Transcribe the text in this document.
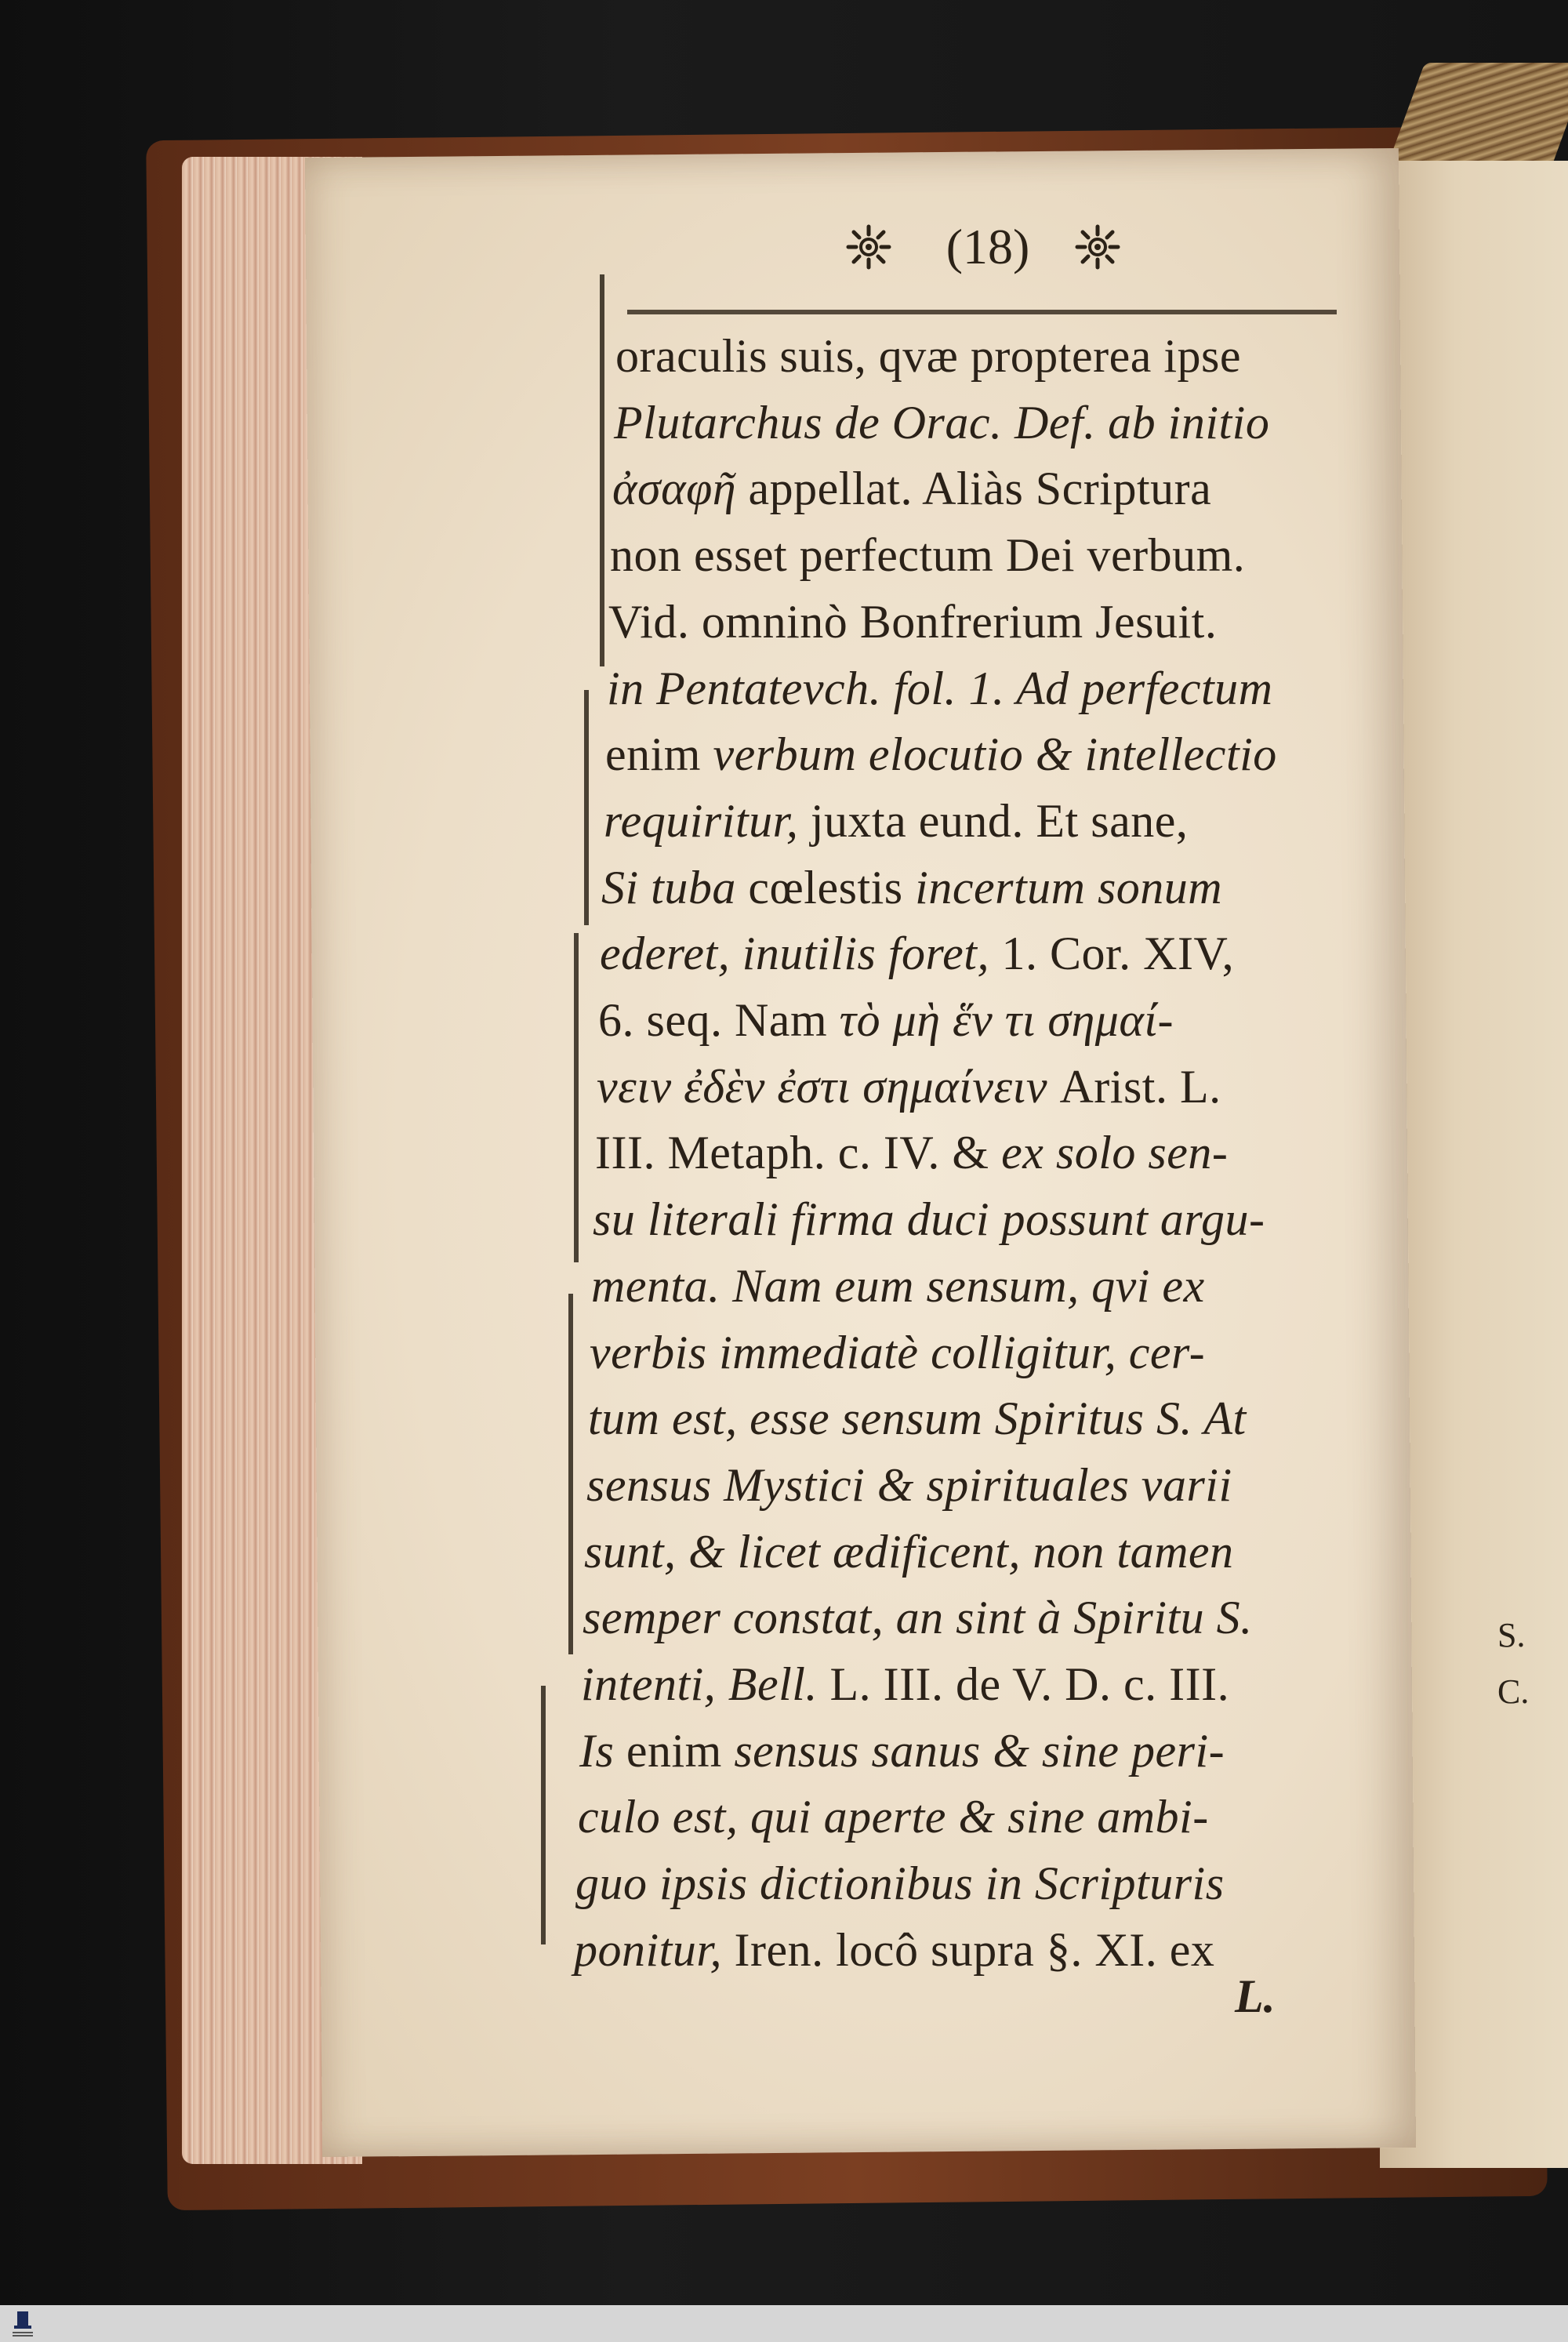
S.
C.
(18)
oraculis suis, qvæ propterea ipse
Plutarchus de Orac. Def. ab initio
ἀσαφῆ appellat. Aliàs Scriptura
non esset perfectum Dei verbum.
Vid. omninò Bonfrerium Jesuit.
in Pentatevch. fol. 1. Ad perfectum
enim verbum elocutio & intellectio
requiritur, juxta eund. Et sane,
Si tuba cœlestis incertum sonum
ederet, inutilis foret, 1. Cor. XIV,
6. seq. Nam τὸ μὴ ἕν τι σημαί-
νειν ἐδὲν ἐστι σημαίνειν Arist. L.
III. Metaph. c. IV. & ex solo sen-
su literali firma duci possunt argu-
menta. Nam eum sensum, qvi ex
verbis immediatè colligitur, cer-
tum est, esse sensum Spiritus S. At
sensus Mystici & spirituales varii
sunt, & licet ædificent, non tamen
semper constat, an sint à Spiritu S.
intenti, Bell. L. III. de V. D. c. III.
Is enim sensus sanus & sine peri-
culo est, qui aperte & sine ambi-
guo ipsis dictionibus in Scripturis
ponitur, Iren. locô supra §. XI. ex
L.
